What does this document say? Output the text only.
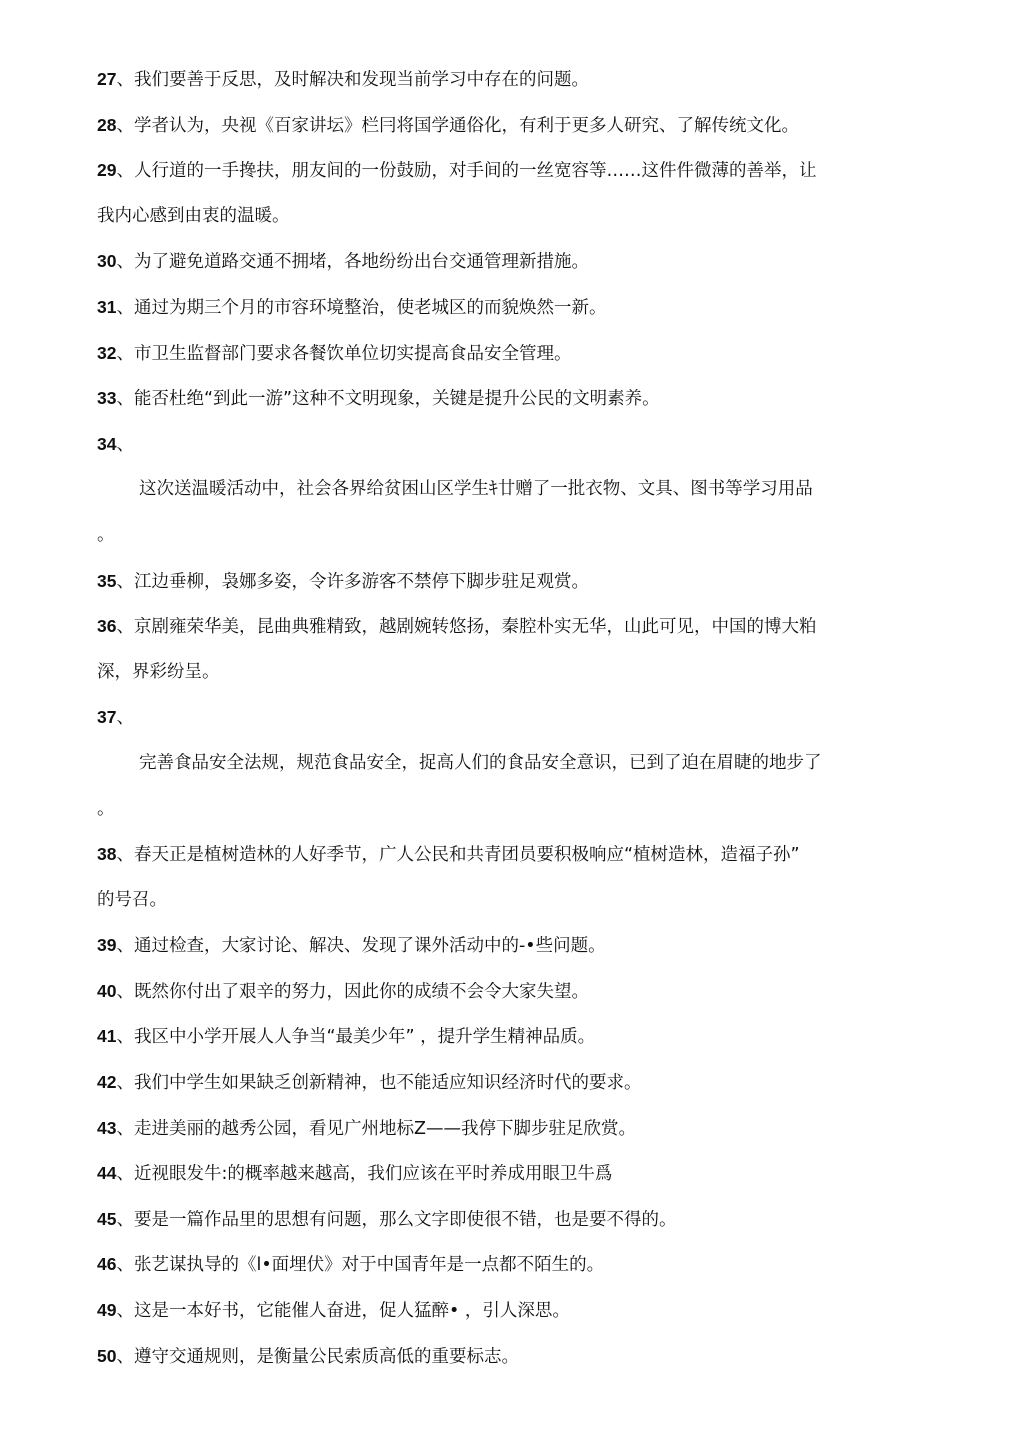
27、我们要善于反思，及时解决和发现当前学习中存在的问题。
28、学者认为，央视《百家讲坛》栏冃将国学通俗化，有利于更多人研究、了解传统文化。
29、人行道的一手搀扶，朋友间的一份鼓励，对手间的一丝宽容等……这件件微薄的善举，让
我内心感到由衷的温暖。
30、为了避免道路交通不拥堵，各地纷纷出台交通管理新措施。
31、通过为期三个月的市容环境整治，使老城区的而貌焕然一新。
32、市卫生监督部门要求各餐饮单位切实提高食品安全管理。
33、能否杜绝“到此一游”这种不文明现象，关键是提升公民的文明素养。
34、
这次送温暖活动中，社会各界给贫困山区学生ｷ廿赠了一批衣物、文具、图书等学习用品
。
35、江边垂柳，袅娜多姿，令许多游客不禁停下脚步驻足观赏。
36、京剧雍荣华美，昆曲典雅精致，越剧婉转悠扬，秦腔朴实无华，山此可见，中国的博大粕
深，界彩纷呈。
37、
完善食品安全法规，规范食品安全，捉高人们的食品安全意识，已到了迫在眉睫的地步了
。
38、春天正是植树造林的人好季节，广人公民和共青团员要积极响应“植树造林，造福子孙”
的号召。
39、通过检查，大家讨论、解决、发现了课外活动中的-•些问题。
40、既然你付出了艰辛的努力，因此你的成绩不会令大家失望。
41、我区中小学开展人人争当“最美少年” ，提升学生精神品质。
42、我们中学生如果缺乏创新精神，也不能适应知识经济时代的要求。
43、走进美丽的越秀公园，看见广州地标Z——我停下脚步驻足欣赏。
44、近视眼发牛:的概率越来越高，我们应该在平时养成用眼卫牛爲
45、要是一篇作品里的思想有问题，那么文字即使很不错，也是要不得的。
46、张艺谋执导的《l•面埋伏》对于中国青年是一点都不陌生的。
49、这是一本好书，它能催人奋进，促人猛醉• ，引人深思。
50、遵守交通规则，是衡量公民索质高低的重要标志。
